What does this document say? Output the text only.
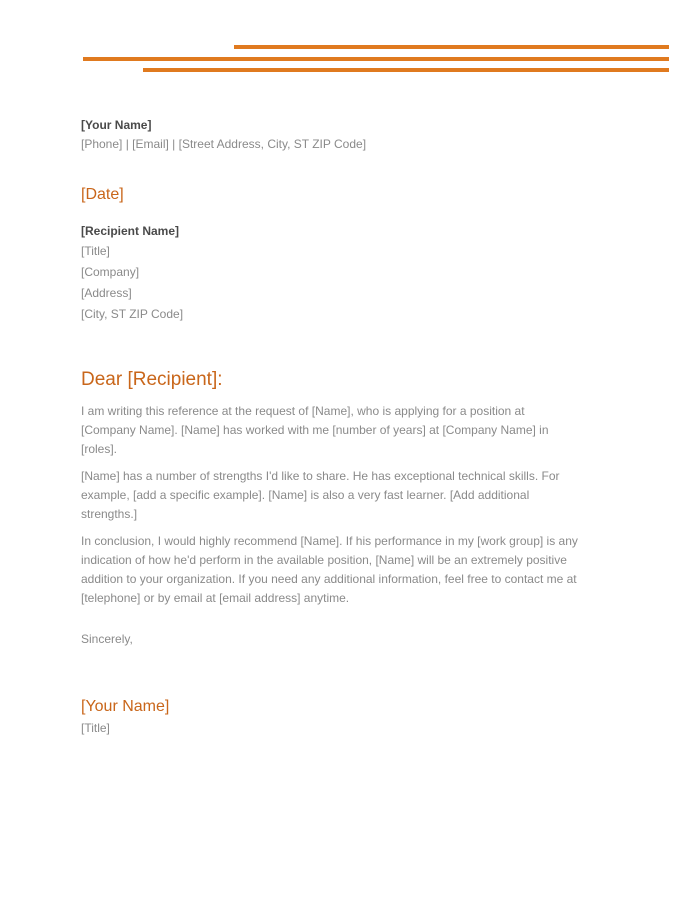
[Your Name]
[Phone] | [Email] | [Street Address, City, ST ZIP Code]
[Date]
[Recipient Name]
[Title]
[Company]
[Address]
[City, ST ZIP Code]
Dear [Recipient]:

I am writing this reference at the request of [Name], who is applying for a position at [Company Name]. [Name] has worked with me [number of years] at [Company Name] in [roles].

[Name] has a number of strengths I'd like to share. He has exceptional technical skills. For example, [add a specific example]. [Name] is also a very fast learner. [Add additional strengths.]

In conclusion, I would highly recommend [Name]. If his performance in my [work group] is any indication of how he'd perform in the available position, [Name] will be an extremely positive addition to your organization. If you need any additional information, feel free to contact me at [telephone] or by email at [email address] anytime.

Sincerely,
[Your Name]
[Title]
